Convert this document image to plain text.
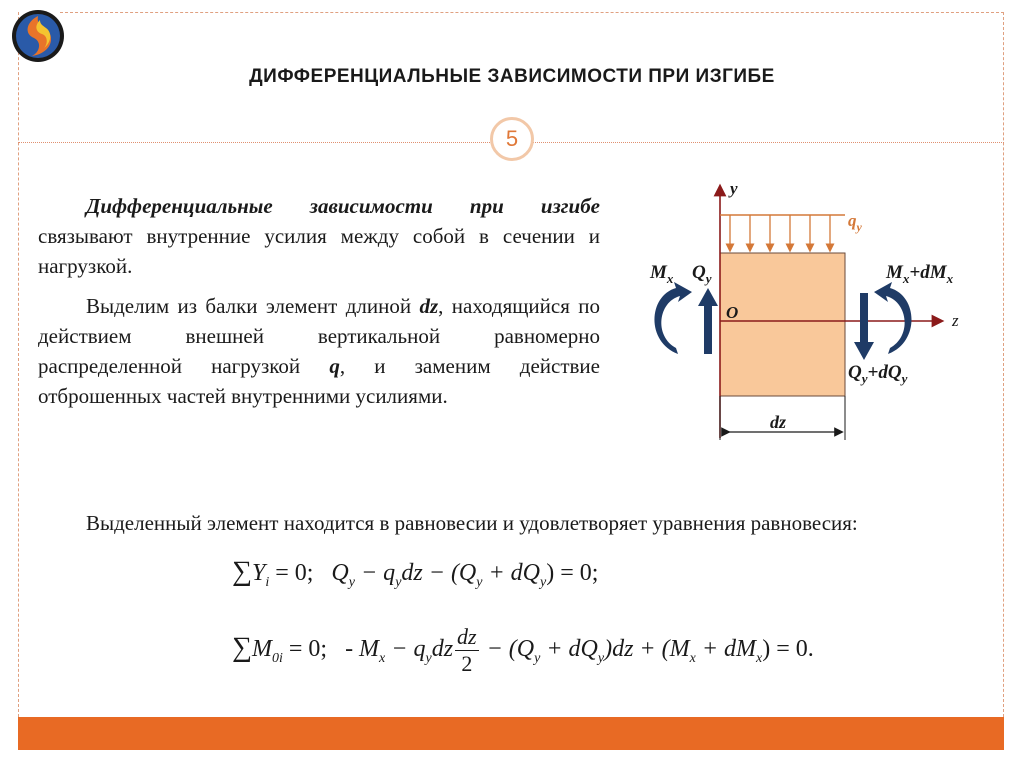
ДИФФЕРЕНЦИАЛЬНЫЕ ЗАВИСИМОСТИ ПРИ ИЗГИБЕ
5

Дифференциальные зависимости при изгибе связывают внутренние усилия между собой в сечении и нагрузкой.

Выделим из балки элемент длиной dz, находящийся по действием внешней вертикальной равномерно распределенной нагрузкой q, и заменим действие отброшенных частей внутренними усилиями.

y
z
O
$q_y$
$M_x$ $Q_y$	$M_x+dM_x$
$Q_y+dQ_y$
dz

Выделенный элемент находится в равновесии и удовлетворяет уравнения равновесия:

$\sum Y_i = 0$; $Q_y - q_ydz - (Q_y + dQ_y) = 0$;
$\sum M_{0i} = 0$; - $M_x - q_ydz \frac{dz}{2} - (Q_y + dQ_y)dz + (M_x + dM_x) = 0$.
